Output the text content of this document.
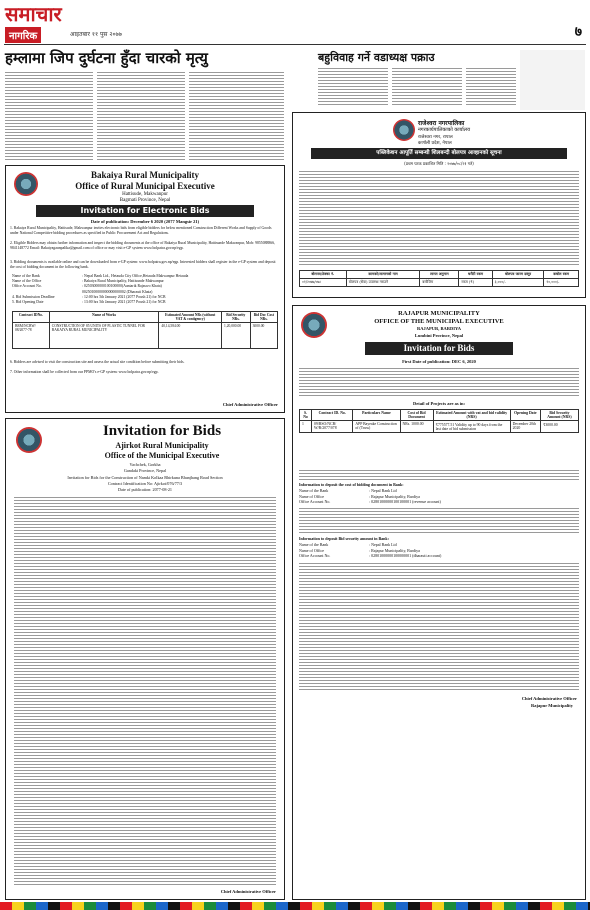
समाचार
नागरिक	आइतबार ११ पुस २०७७	७
हम्लामा जिप दुर्घटना हुँदा चारको मृत्यु	बहुविवाह गर्ने वडाध्यक्ष पक्राउ
Bakaiya Rural Municipality
Office of Rural Municipal Executive
Hattisude, Makwanpur
Bagmati Province, Nepal
Invitation for Electronic Bids
Date of publication: December 6 2020 (2077 Mangsir 21)
1. Bakaiya Rural Municipality, Hattisude, Makwanpur invites electronic bids from eligible bidders for below mentioned Construction Different Works and Supply of Goods under National Competitive bidding procedures as specified in Public Procurement Act and Regulations.
2. Eligible Bidders may obtain further information and inspect the bidding documents at the office of Bakaiya Rural Municipality, Hattisunde Makwanpur, Mob: 9855088866, 9841148772 Email: Bakaiyagaunpalika@gmail.com of office or may visit e-GP system www.bolpatra.gov.np/egp.
3. Bidding documents is available online and can be downloaded from e-GP system: www.bolpatra.gov.np/egp. Interested bidders shall register in the e-GP system and deposit the cost of bidding document in the following bank.
Name of the Bank	: Nepal Bank Ltd., Hetauda City Office,Hetauda Makwanpur Hetauda
Name of the Office	: Bakaiya Rural Municipality, Hattisunde Makwanpur
Office Account No.	: 02503000000100100000(Aantarik Rajaswo Khata)
00250100000000000000002 (Dharauti Khata)
4. Bid Submission Deadline	: 12:00 hrs 5th January 2021 (2077 Poush 21) for NCB
5. Bid Opening Date	: 13:00 hrs 5th January 2021 (2077 Poush 21) for NCB
Contract IDNo.	Name of Works	Estimated Amount NRs (without VAT & contigency)	Bid Security NRs.	Bid Doc Cost NRs.
BRM/NCBW/ 08/2077-78	CONSTRUCTION OF 85 UNITS OF PLASTIC TUNNEL FOR BAKAIYA RURAL MUNICIPALITY	40,14,584.00	1,20,000.00	3000.00
6. Bidders are advised to visit the construction site and assess the actual site condition before submitting their bids.
7. Other information shall be collected from our PPMO's e-GP system: www.bolpatra.gov.np/egp.
Chief Administrative Officer
Invitation for Bids
Ajirkot Rural Municipality
Office of the Municipal Executive
Vachchek, Gorkha
Gandaki Province, Nepal
Invitation for Bids for the Construction of Namki Kolkaa Bhirkuna Bhanjhang Road Section
Contract Identification No: Ajirkot/076/77/3
Date of publication: 2077-08-21
Chief Administrative Officer
राजेश्वरा नगरपालिका
नगरकार्यपालिकाको कार्यालय
राजेश्वरा नगर, रापाल
कर्णाली प्रदेश, नेपाल
पब्लिकेशन आपूर्ति सम्बन्धी शिलबन्दी बोलपत्र आव्हानको सूचना
(प्रथम पटक प्रकाशित मिति : २०७७/०८/२१ गते)
बोलपत्र/ठेक्का नं.	कामको/सामानको नाम	लागत अनुमान	धरौटी रकम	बोलपत्र फारम दस्तुर	कबोल रकम
०१/२०७७/०७८	बोलपत्र (सेवा) उपलब्ध गराउने	बमोजिम	रकम (₹)	३,०००/-	१०,०००/-
RAJAPUR MUNICIPALITY
OFFICE OF THE MUNICIPAL EXECUTIVE
RAJAPUR, BARDIYA
Lumbini Province, Nepal
Invitation for Bids
First Date of publication: DEC 6, 2020
Detail of Projects are as in:
S. No	Contract ID. No.	Particulars Name	Cost of Bid Document	Estimated Amount with vat and bid validity (NRS)	Opening Date	Bid Security Amount (NRS)
1	09/RSO/NCB/ W/B/2077/078	APP Bayeake Construction of (Truss)	NRs. 1000.00	₹775577.51 Validity up to 90 days from the last date of bid submission	December 20th 2020	₹3000.00
Information to deposit the cost of bidding document in Bank:
Name of the Bank	: Nepal Bank Ltd
Name of Office	: Rajapur Municipality, Bardiya
Office Account No.	: 02801000000100100001 (revenue account)
Information to deposit Bid security amount in Bank:
Name of the Bank	: Nepal Bank Ltd
Name of Office	: Rajapur Municipality, Bardiya
Office Account No.	: 02801000000100000001 (dharauti account)
Chief Administrative Officer
Rajapur Municipality
